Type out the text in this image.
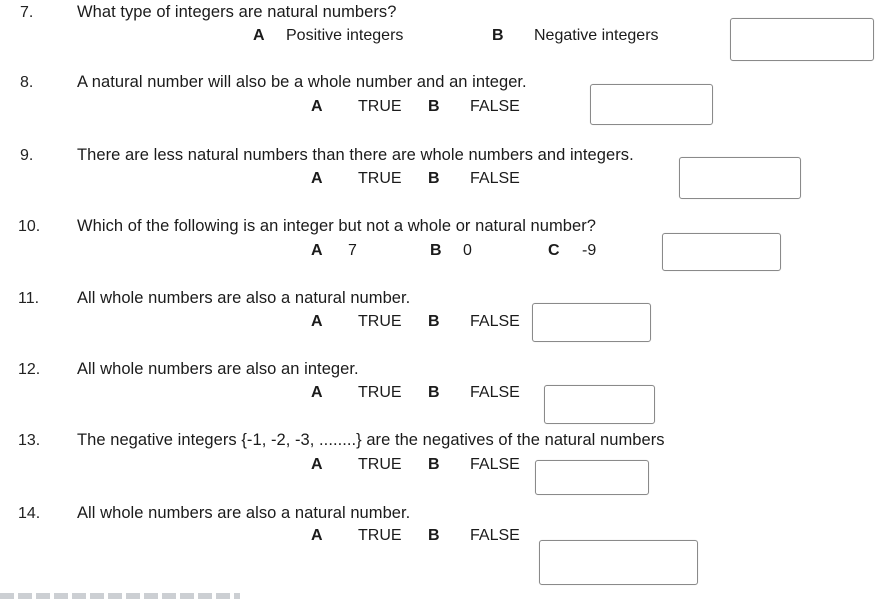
7.	What type of integers are natural numbers?
A Positive integers	B Negative integers
8.	A natural number will also be a whole number and an integer.
A TRUE B FALSE
9.	There are less natural numbers than there are whole numbers and integers.
A TRUE B FALSE
10. Which of the following is an integer but not a whole or natural number?
A 7	B 0	C -9
11. All whole numbers are also a natural number.
A TRUE B FALSE
12. All whole numbers are also an integer.
A TRUE B FALSE
13. The negative integers {-1, -2, -3, ........} are the negatives of the natural numbers
A TRUE B FALSE
14. All whole numbers are also a natural number.
A TRUE B FALSE
